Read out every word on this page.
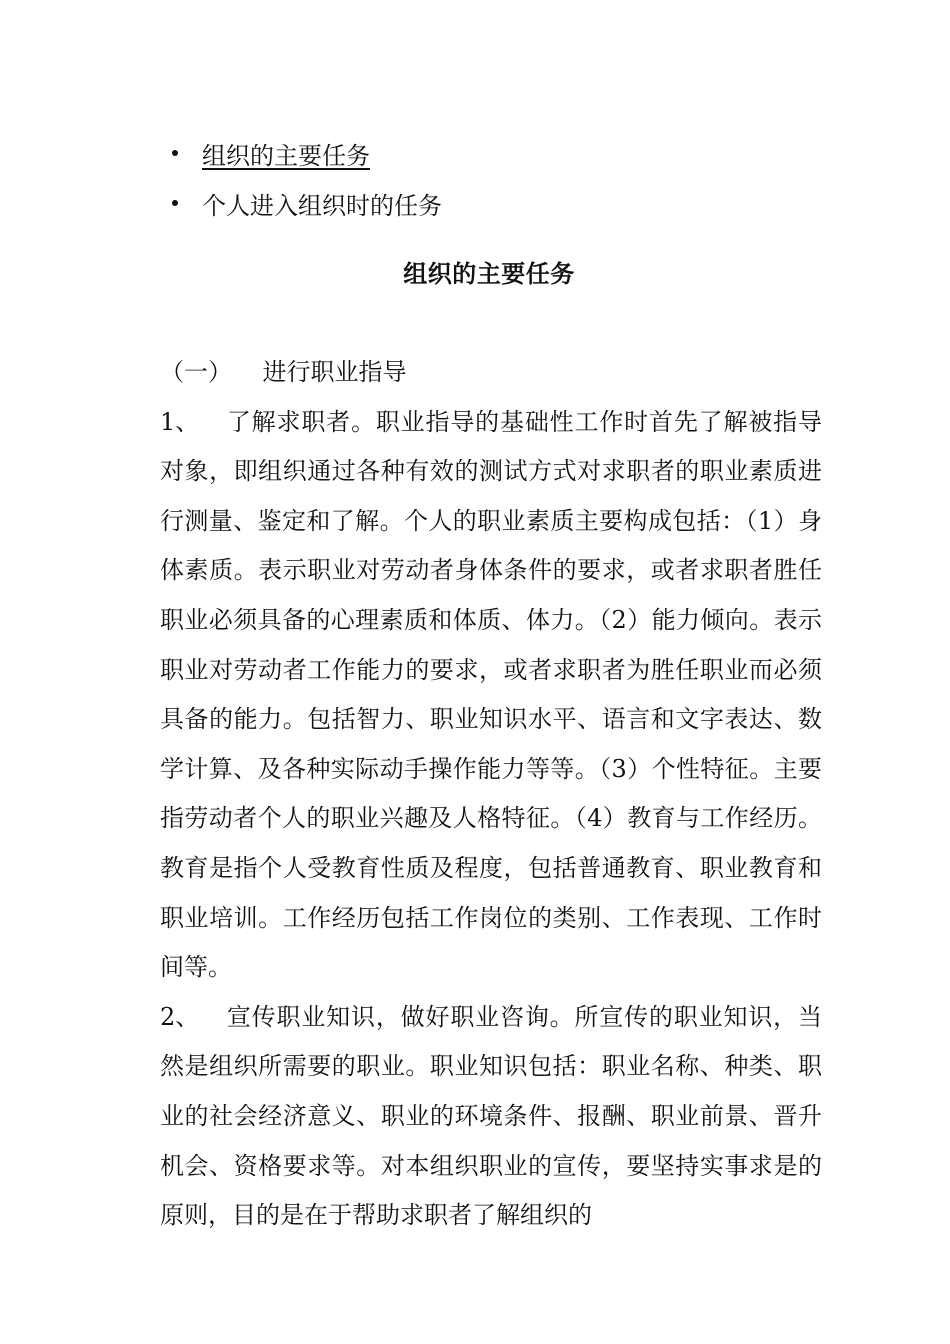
组织的主要任务
个人进入组织时的任务
组织的主要任务

（一） 进行职业指导

1、 了解求职者。职业指导的基础性工作时首先了解被指导对象，即组织通过各种有效的测试方式对求职者的职业素质进行测量、鉴定和了解。个人的职业素质主要构成包括：（1）身体素质。表示职业对劳动者身体条件的要求，或者求职者胜任职业必须具备的心理素质和体质、体力。（2）能力倾向。表示职业对劳动者工作能力的要求，或者求职者为胜任职业而必须具备的能力。包括智力、职业知识水平、语言和文字表达、数学计算、及各种实际动手操作能力等等。（3）个性特征。主要指劳动者个人的职业兴趣及人格特征。（4）教育与工作经历。教育是指个人受教育性质及程度，包括普通教育、职业教育和职业培训。工作经历包括工作岗位的类别、工作表现、工作时间等。

2、 宣传职业知识，做好职业咨询。所宣传的职业知识，当然是组织所需要的职业。职业知识包括：职业名称、种类、职业的社会经济意义、职业的环境条件、报酬、职业前景、晋升机会、资格要求等。对本组织职业的宣传，要坚持实事求是的原则，目的是在于帮助求职者了解组织的
